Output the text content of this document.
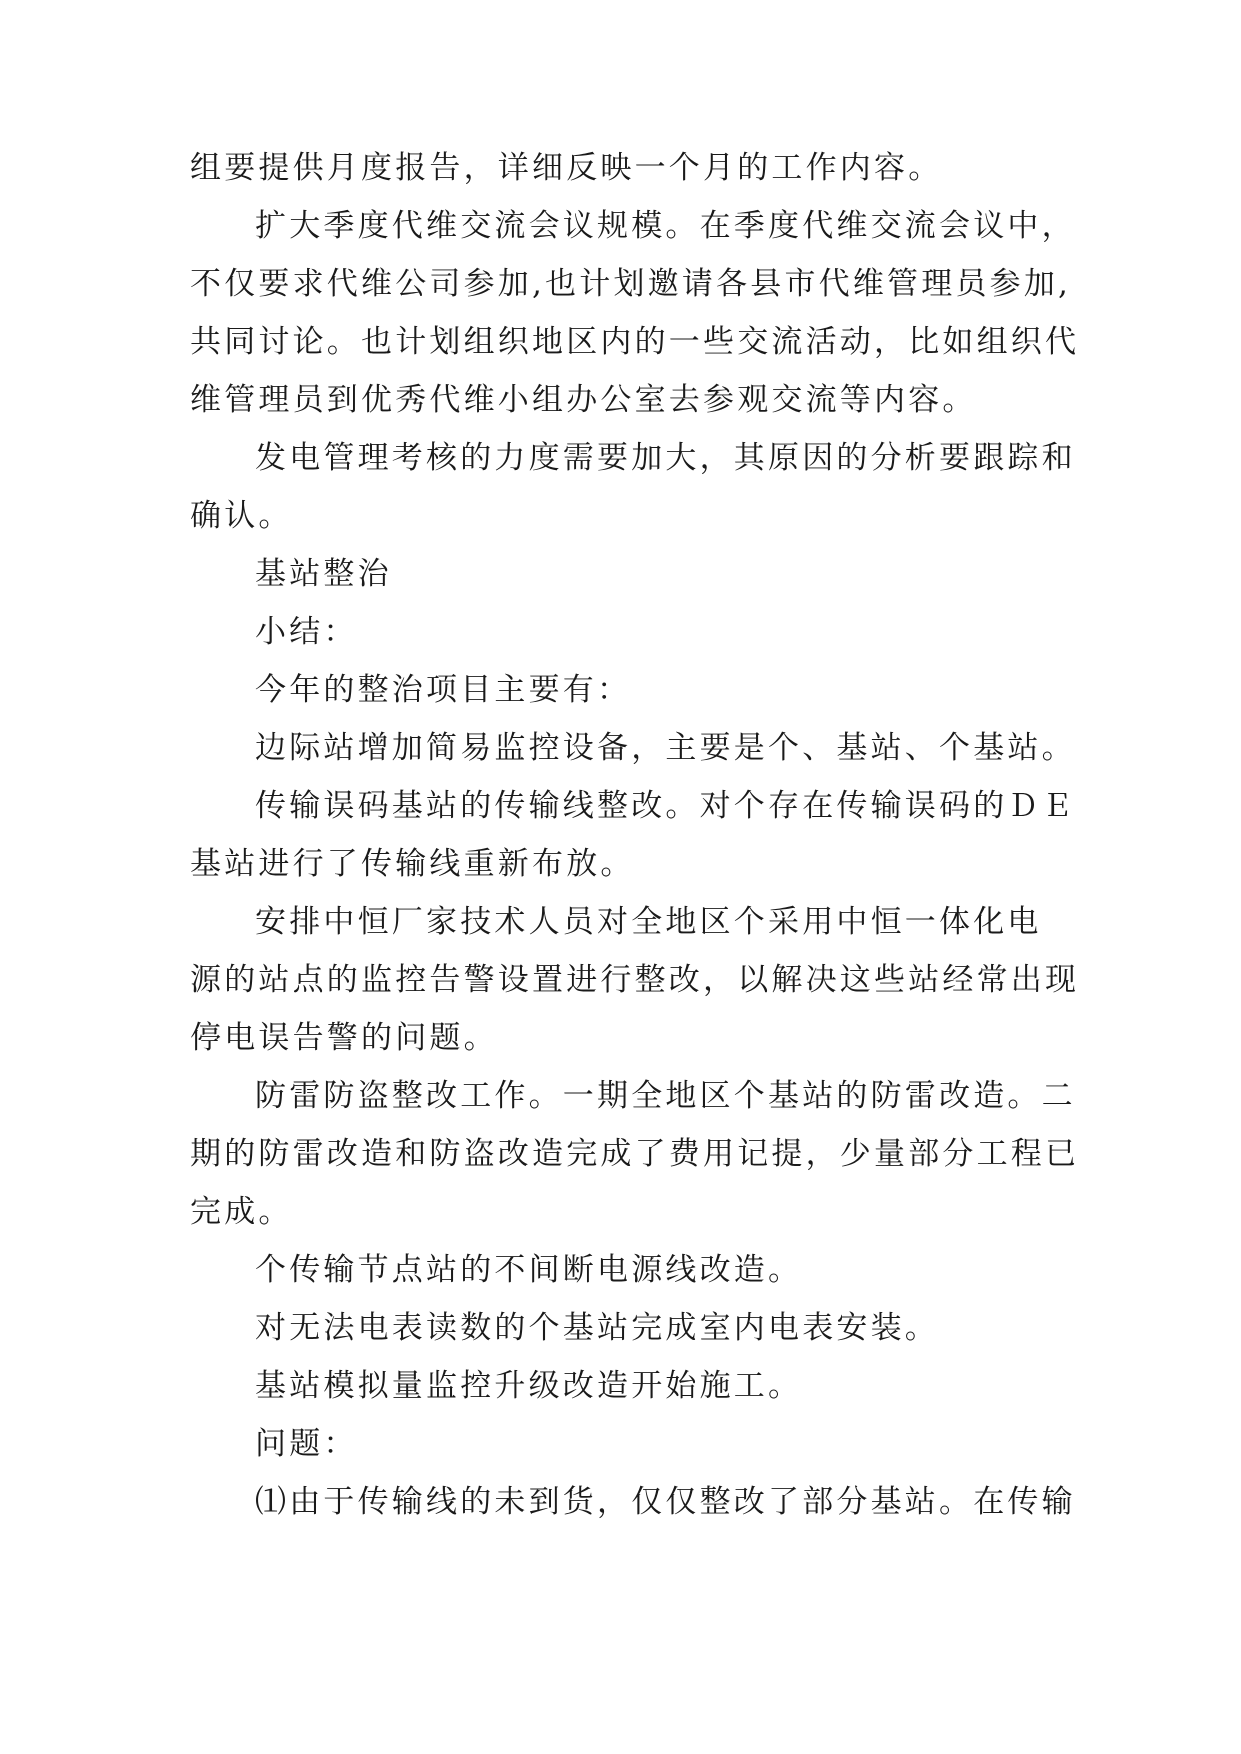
组要提供月度报告，详细反映一个月的工作内容。
扩大季度代维交流会议规模。在季度代维交流会议中，
不仅要求代维公司参加,也计划邀请各县市代维管理员参加,
共同讨论。也计划组织地区内的一些交流活动，比如组织代
维管理员到优秀代维小组办公室去参观交流等内容。
发电管理考核的力度需要加大，其原因的分析要跟踪和
确认。
基站整治
小结：
今年的整治项目主要有：
边际站增加简易监控设备，主要是个、基站、个基站。
传输误码基站的传输线整改。对个存在传输误码的ＤＥ
基站进行了传输线重新布放。
安排中恒厂家技术人员对全地区个采用中恒一体化电
源的站点的监控告警设置进行整改，以解决这些站经常出现
停电误告警的问题。
防雷防盗整改工作。一期全地区个基站的防雷改造。二
期的防雷改造和防盗改造完成了费用记提，少量部分工程已
完成。
个传输节点站的不间断电源线改造。
对无法电表读数的个基站完成室内电表安装。
基站模拟量监控升级改造开始施工。
问题：
⑴由于传输线的未到货，仅仅整改了部分基站。在传输
